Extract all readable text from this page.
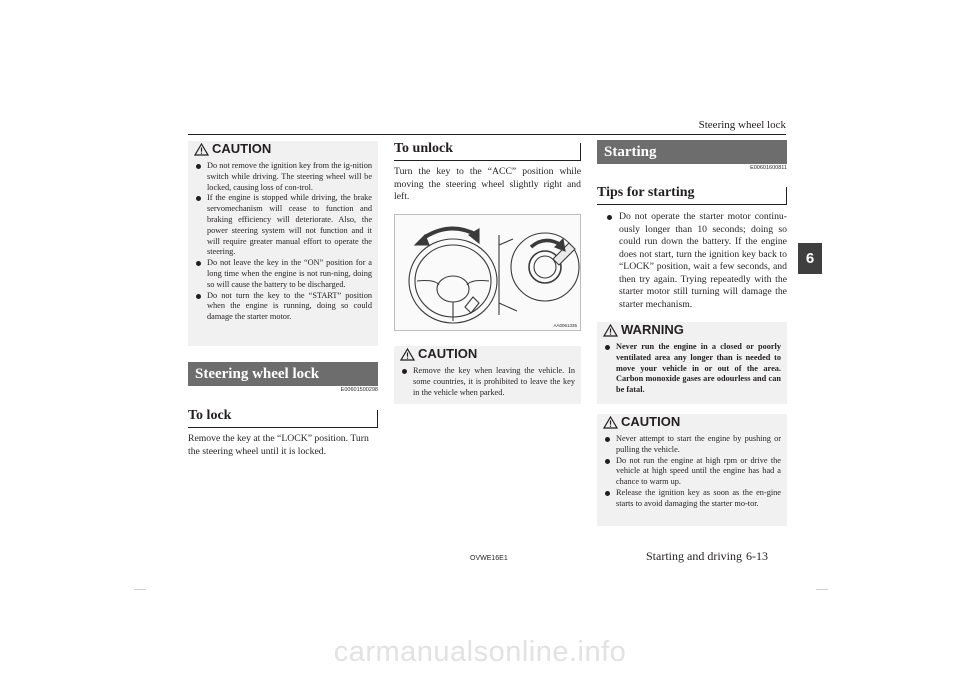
Steering wheel lock
6
CAUTION
Do not remove the ignition key from the ig-nition switch while driving. The steering wheel will be locked, causing loss of con-trol.
If the engine is stopped while driving, the brake servomechanism will cease to function and braking efficiency will deteriorate. Also, the power steering system will not function and it will require greater manual effort to operate the steering.
Do not leave the key in the “ON” position for a long time when the engine is not run-ning, doing so will cause the battery to be discharged.
Do not turn the key to the “START” position when the engine is running, doing so could damage the starter motor.
Steering wheel lock
E00601500298
To lock
Remove the key at the “LOCK” position. Turn the steering wheel until it is locked.
To unlock
Turn the key to the “ACC” position while moving the steering wheel slightly right and left.
AA0061335
CAUTION
Remove the key when leaving the vehicle. In some countries, it is prohibited to leave the key in the vehicle when parked.
Starting
E00601600811
Tips for starting
Do not operate the starter motor continu-ously longer than 10 seconds; doing so could run down the battery. If the engine does not start, turn the ignition key back to “LOCK” position, wait a few seconds, and then try again. Trying repeatedly with the starter motor still turning will damage the starter mechanism.
WARNING
Never run the engine in a closed or poorly ventilated area any longer than is needed to move your vehicle in or out of the area. Carbon monoxide gases are odourless and can be fatal.
CAUTION
Never attempt to start the engine by pushing or pulling the vehicle.
Do not run the engine at high rpm or drive the vehicle at high speed until the engine has had a chance to warm up.
Release the ignition key as soon as the en-gine starts to avoid damaging the starter mo-tor.
OVWE16E1	Starting and driving 6-13
carmanualsonline.info
